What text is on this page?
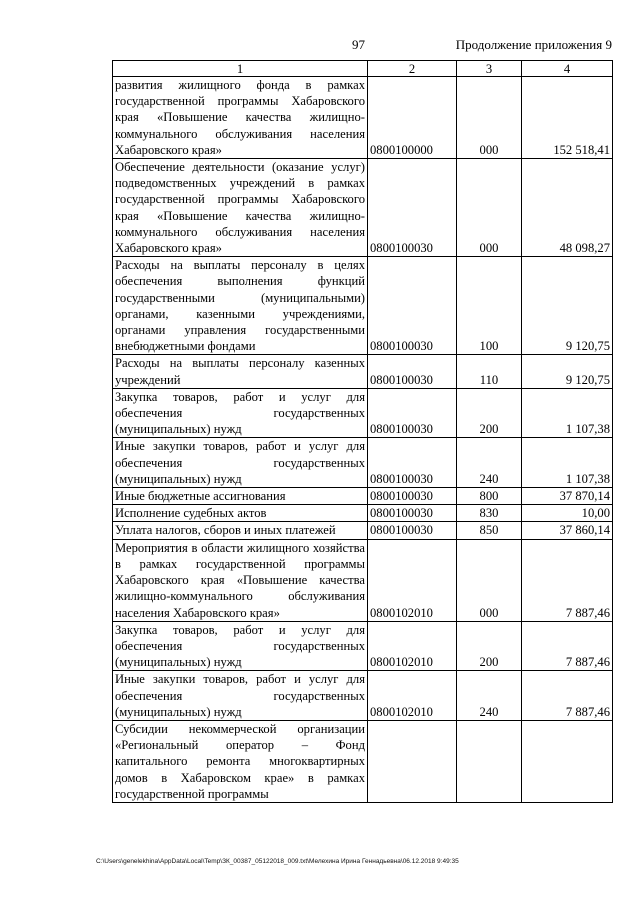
97	Продолжение приложения 9
1	2	3	4
развития жилищного фонда в рамках государственной программы Хабаровского края «Повышение качества жилищно-коммунального обслуживания населения Хабаровского края»	0800100000	000	152 518,41
Обеспечение деятельности (оказание услуг) подведомственных учреждений в рамках государственной программы Хабаровского края «Повышение качества жилищно-коммунального обслуживания населения Хабаровского края»	0800100030	000	48 098,27
Расходы на выплаты персоналу в целях обеспечения выполнения функций государственными (муниципальными) органами, казенными учреждениями, органами управления государственными внебюджетными фондами	0800100030	100	9 120,75
Расходы на выплаты персоналу казенных учреждений	0800100030	110	9 120,75
Закупка товаров, работ и услуг для обеспечения государственных (муниципальных) нужд	0800100030	200	1 107,38
Иные закупки товаров, работ и услуг для обеспечения государственных (муниципальных) нужд	0800100030	240	1 107,38
Иные бюджетные ассигнования	0800100030	800	37 870,14
Исполнение судебных актов	0800100030	830	10,00
Уплата налогов, сборов и иных платежей	0800100030	850	37 860,14
Мероприятия в области жилищного хозяйства в рамках государственной программы Хабаровского края «Повышение качества жилищно-коммунального обслуживания населения Хабаровского края»	0800102010	000	7 887,46
Закупка товаров, работ и услуг для обеспечения государственных (муниципальных) нужд	0800102010	200	7 887,46
Иные закупки товаров, работ и услуг для обеспечения государственных (муниципальных) нужд	0800102010	240	7 887,46
Субсидии некоммерческой организации «Региональный оператор – Фонд капитального ремонта многоквартирных домов в Хабаровском крае» в рамках государственной программы			
C:\Users\genelekhina\AppData\Local\Temp\ЗК_00387_05122018_009.txt\Мелехина Ирина Геннадьевна\06.12.2018 9:49:35
